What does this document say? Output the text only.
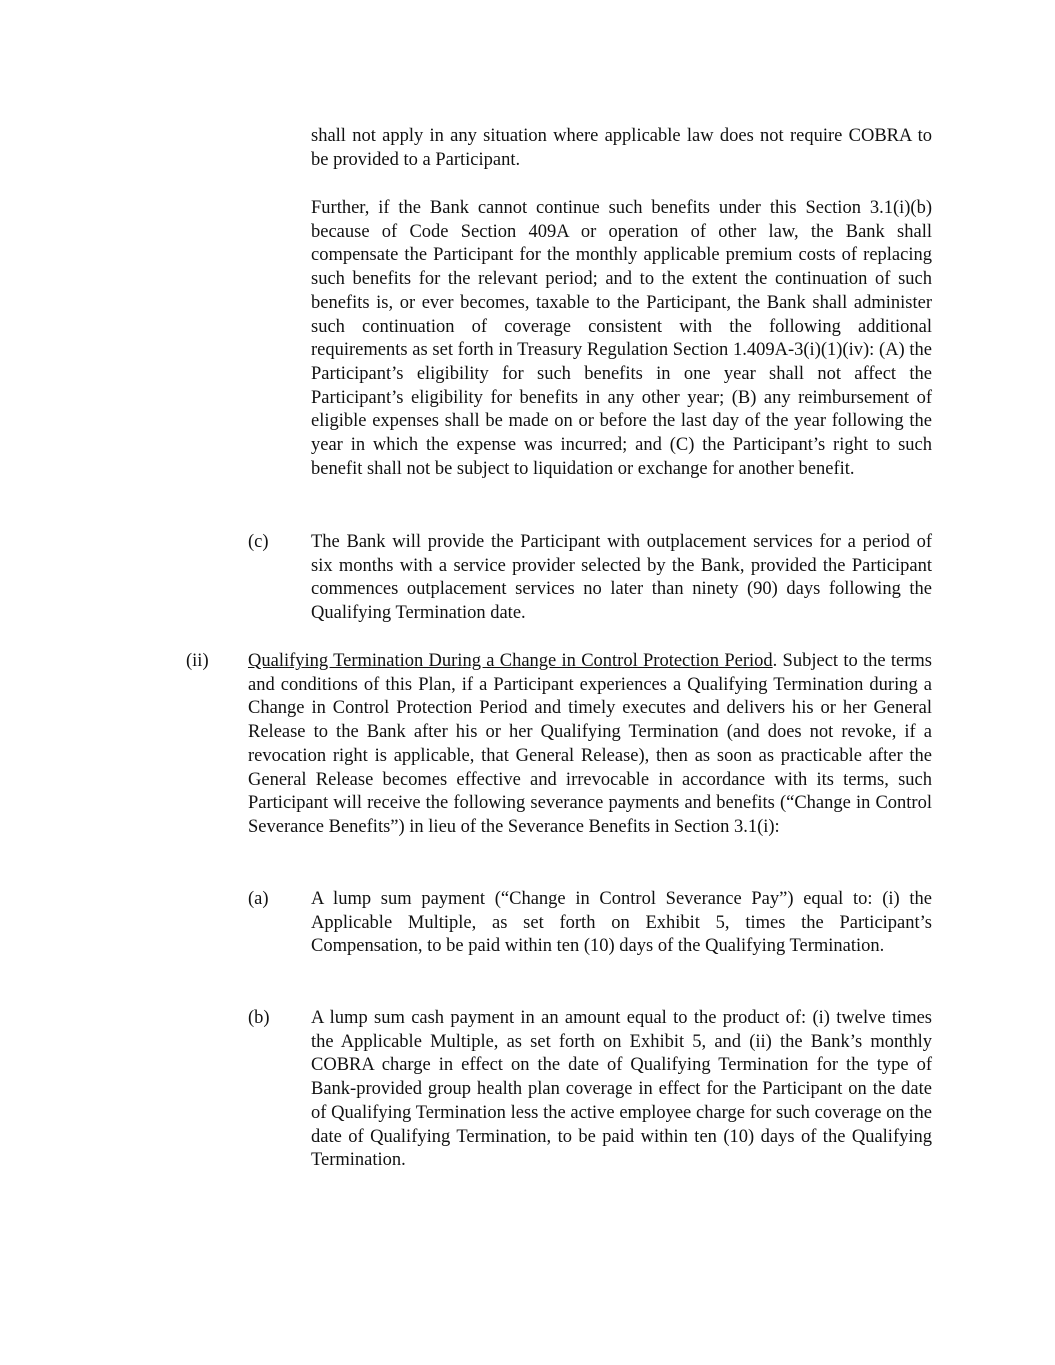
shall not apply in any situation where applicable law does not require COBRA to be provided to a Participant.

Further, if the Bank cannot continue such benefits under this Section 3.1(i)(b) because of Code Section 409A or operation of other law, the Bank shall compensate the Participant for the monthly applicable premium costs of replacing such benefits for the relevant period; and to the extent the continuation of such benefits is, or ever becomes, taxable to the Participant, the Bank shall administer such continuation of coverage consistent with the following additional requirements as set forth in Treasury Regulation Section 1.409A-3(i)(1)(iv): (A) the Participant’s eligibility for such benefits in one year shall not affect the Participant’s eligibility for benefits in any other year; (B) any reimbursement of eligible expenses shall be made on or before the last day of the year following the year in which the expense was incurred; and (C) the Participant’s right to such benefit shall not be subject to liquidation or exchange for another benefit.

(c) The Bank will provide the Participant with outplacement services for a period of six months with a service provider selected by the Bank, provided the Participant commences outplacement services no later than ninety (90) days following the Qualifying Termination date.

(ii) Qualifying Termination During a Change in Control Protection Period. Subject to the terms and conditions of this Plan, if a Participant experiences a Qualifying Termination during a Change in Control Protection Period and timely executes and delivers his or her General Release to the Bank after his or her Qualifying Termination (and does not revoke, if a revocation right is applicable, that General Release), then as soon as practicable after the General Release becomes effective and irrevocable in accordance with its terms, such Participant will receive the following severance payments and benefits (“Change in Control Severance Benefits”) in lieu of the Severance Benefits in Section 3.1(i):

(a) A lump sum payment (“Change in Control Severance Pay”) equal to: (i) the Applicable Multiple, as set forth on Exhibit 5, times the Participant’s Compensation, to be paid within ten (10) days of the Qualifying Termination.

(b) A lump sum cash payment in an amount equal to the product of: (i) twelve times the Applicable Multiple, as set forth on Exhibit 5, and (ii) the Bank’s monthly COBRA charge in effect on the date of Qualifying Termination for the type of Bank-provided group health plan coverage in effect for the Participant on the date of Qualifying Termination less the active employee charge for such coverage on the date of Qualifying Termination, to be paid within ten (10) days of the Qualifying Termination.
